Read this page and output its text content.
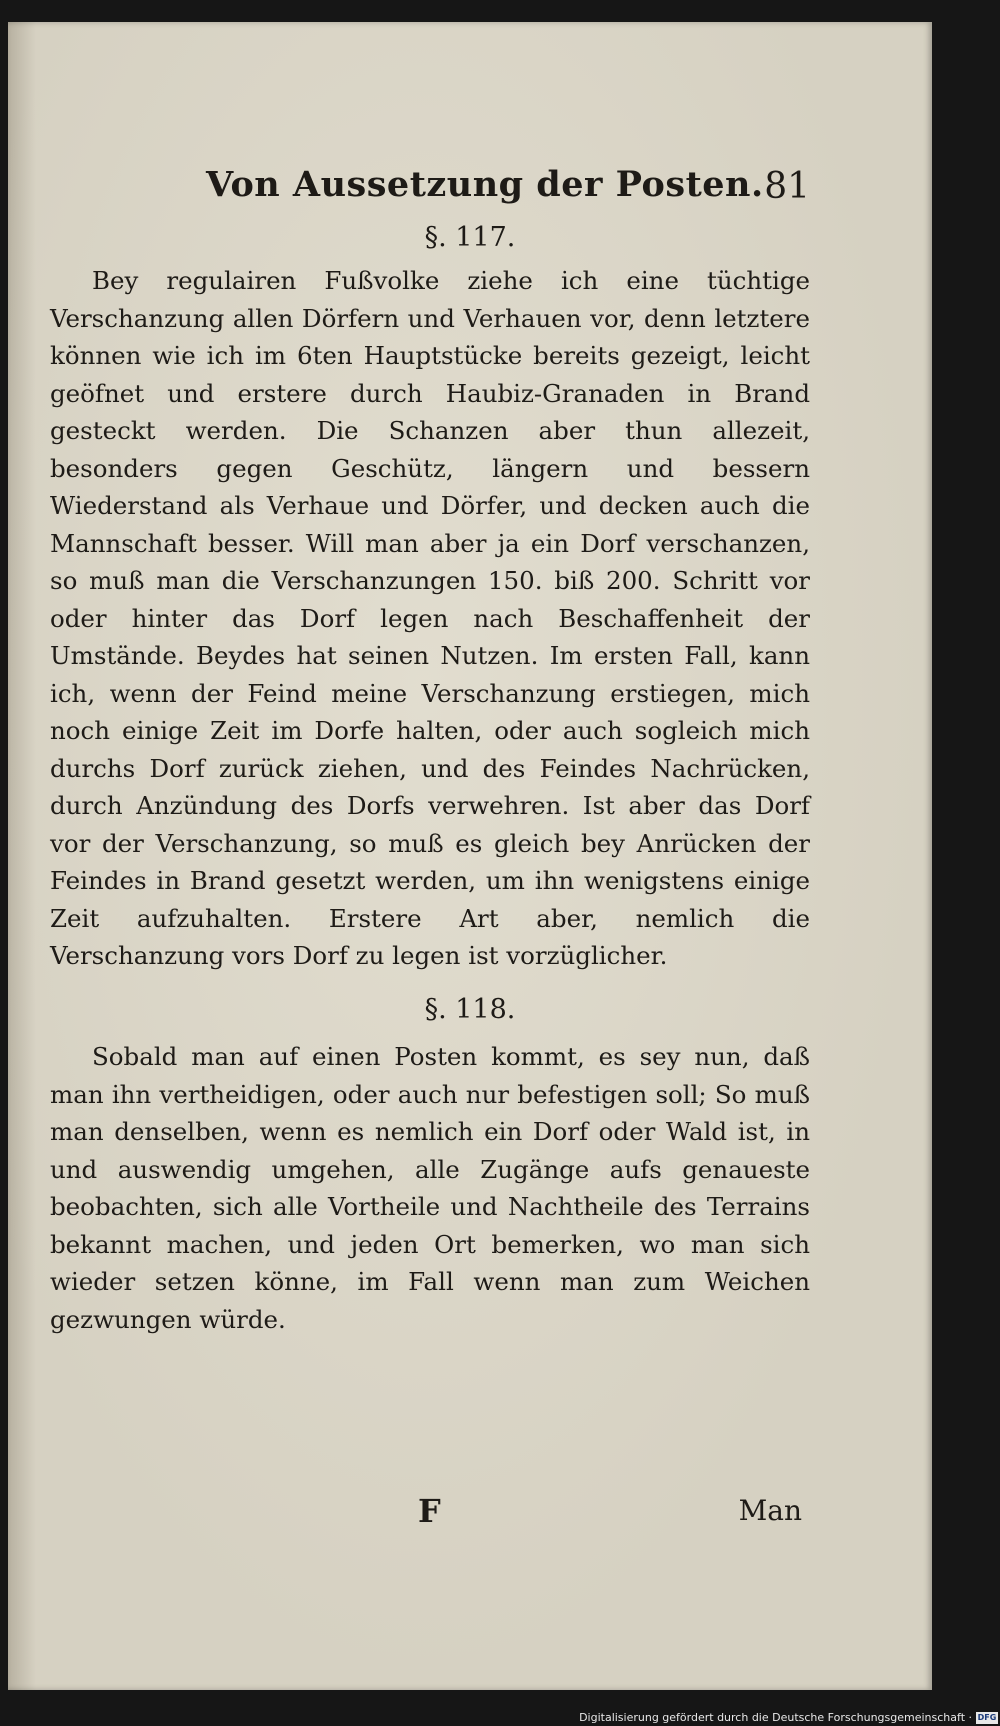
Von Aussetzung der Posten. 81
§. 117.

Bey regulairen Fußvolke ziehe ich eine tüchtige Verschanzung allen Dörfern und Verhauen vor, denn letztere können wie ich im 6ten Hauptstücke bereits gezeigt, leicht geöfnet und erstere durch Haubiz-Granaden in Brand gesteckt werden. Die Schanzen aber thun allezeit, besonders gegen Geschütz, längern und bessern Wiederstand als Verhaue und Dörfer, und decken auch die Mannschaft besser. Will man aber ja ein Dorf verschanzen, so muß man die Verschanzungen 150. biß 200. Schritt vor oder hinter das Dorf legen nach Beschaffenheit der Umstände. Beydes hat seinen Nutzen. Im ersten Fall, kann ich, wenn der Feind meine Verschanzung erstiegen, mich noch einige Zeit im Dorfe halten, oder auch sogleich mich durchs Dorf zurück ziehen, und des Feindes Nachrücken, durch Anzündung des Dorfs verwehren. Ist aber das Dorf vor der Verschanzung, so muß es gleich bey Anrücken der Feindes in Brand gesetzt werden, um ihn wenigstens einige Zeit aufzuhalten. Erstere Art aber, nemlich die Verschanzung vors Dorf zu legen ist vorzüglicher.

§. 118.

Sobald man auf einen Posten kommt, es sey nun, daß man ihn vertheidigen, oder auch nur befestigen soll; So muß man denselben, wenn es nemlich ein Dorf oder Wald ist, in und auswendig umgehen, alle Zugänge aufs genaueste beobachten, sich alle Vortheile und Nachtheile des Terrains bekannt machen, und jeden Ort bemerken, wo man sich wieder setzen könne, im Fall wenn man zum Weichen gezwungen würde.

F	Man
Digitalisierung gefördert durch die Deutsche Forschungsgemeinschaft · DFG
